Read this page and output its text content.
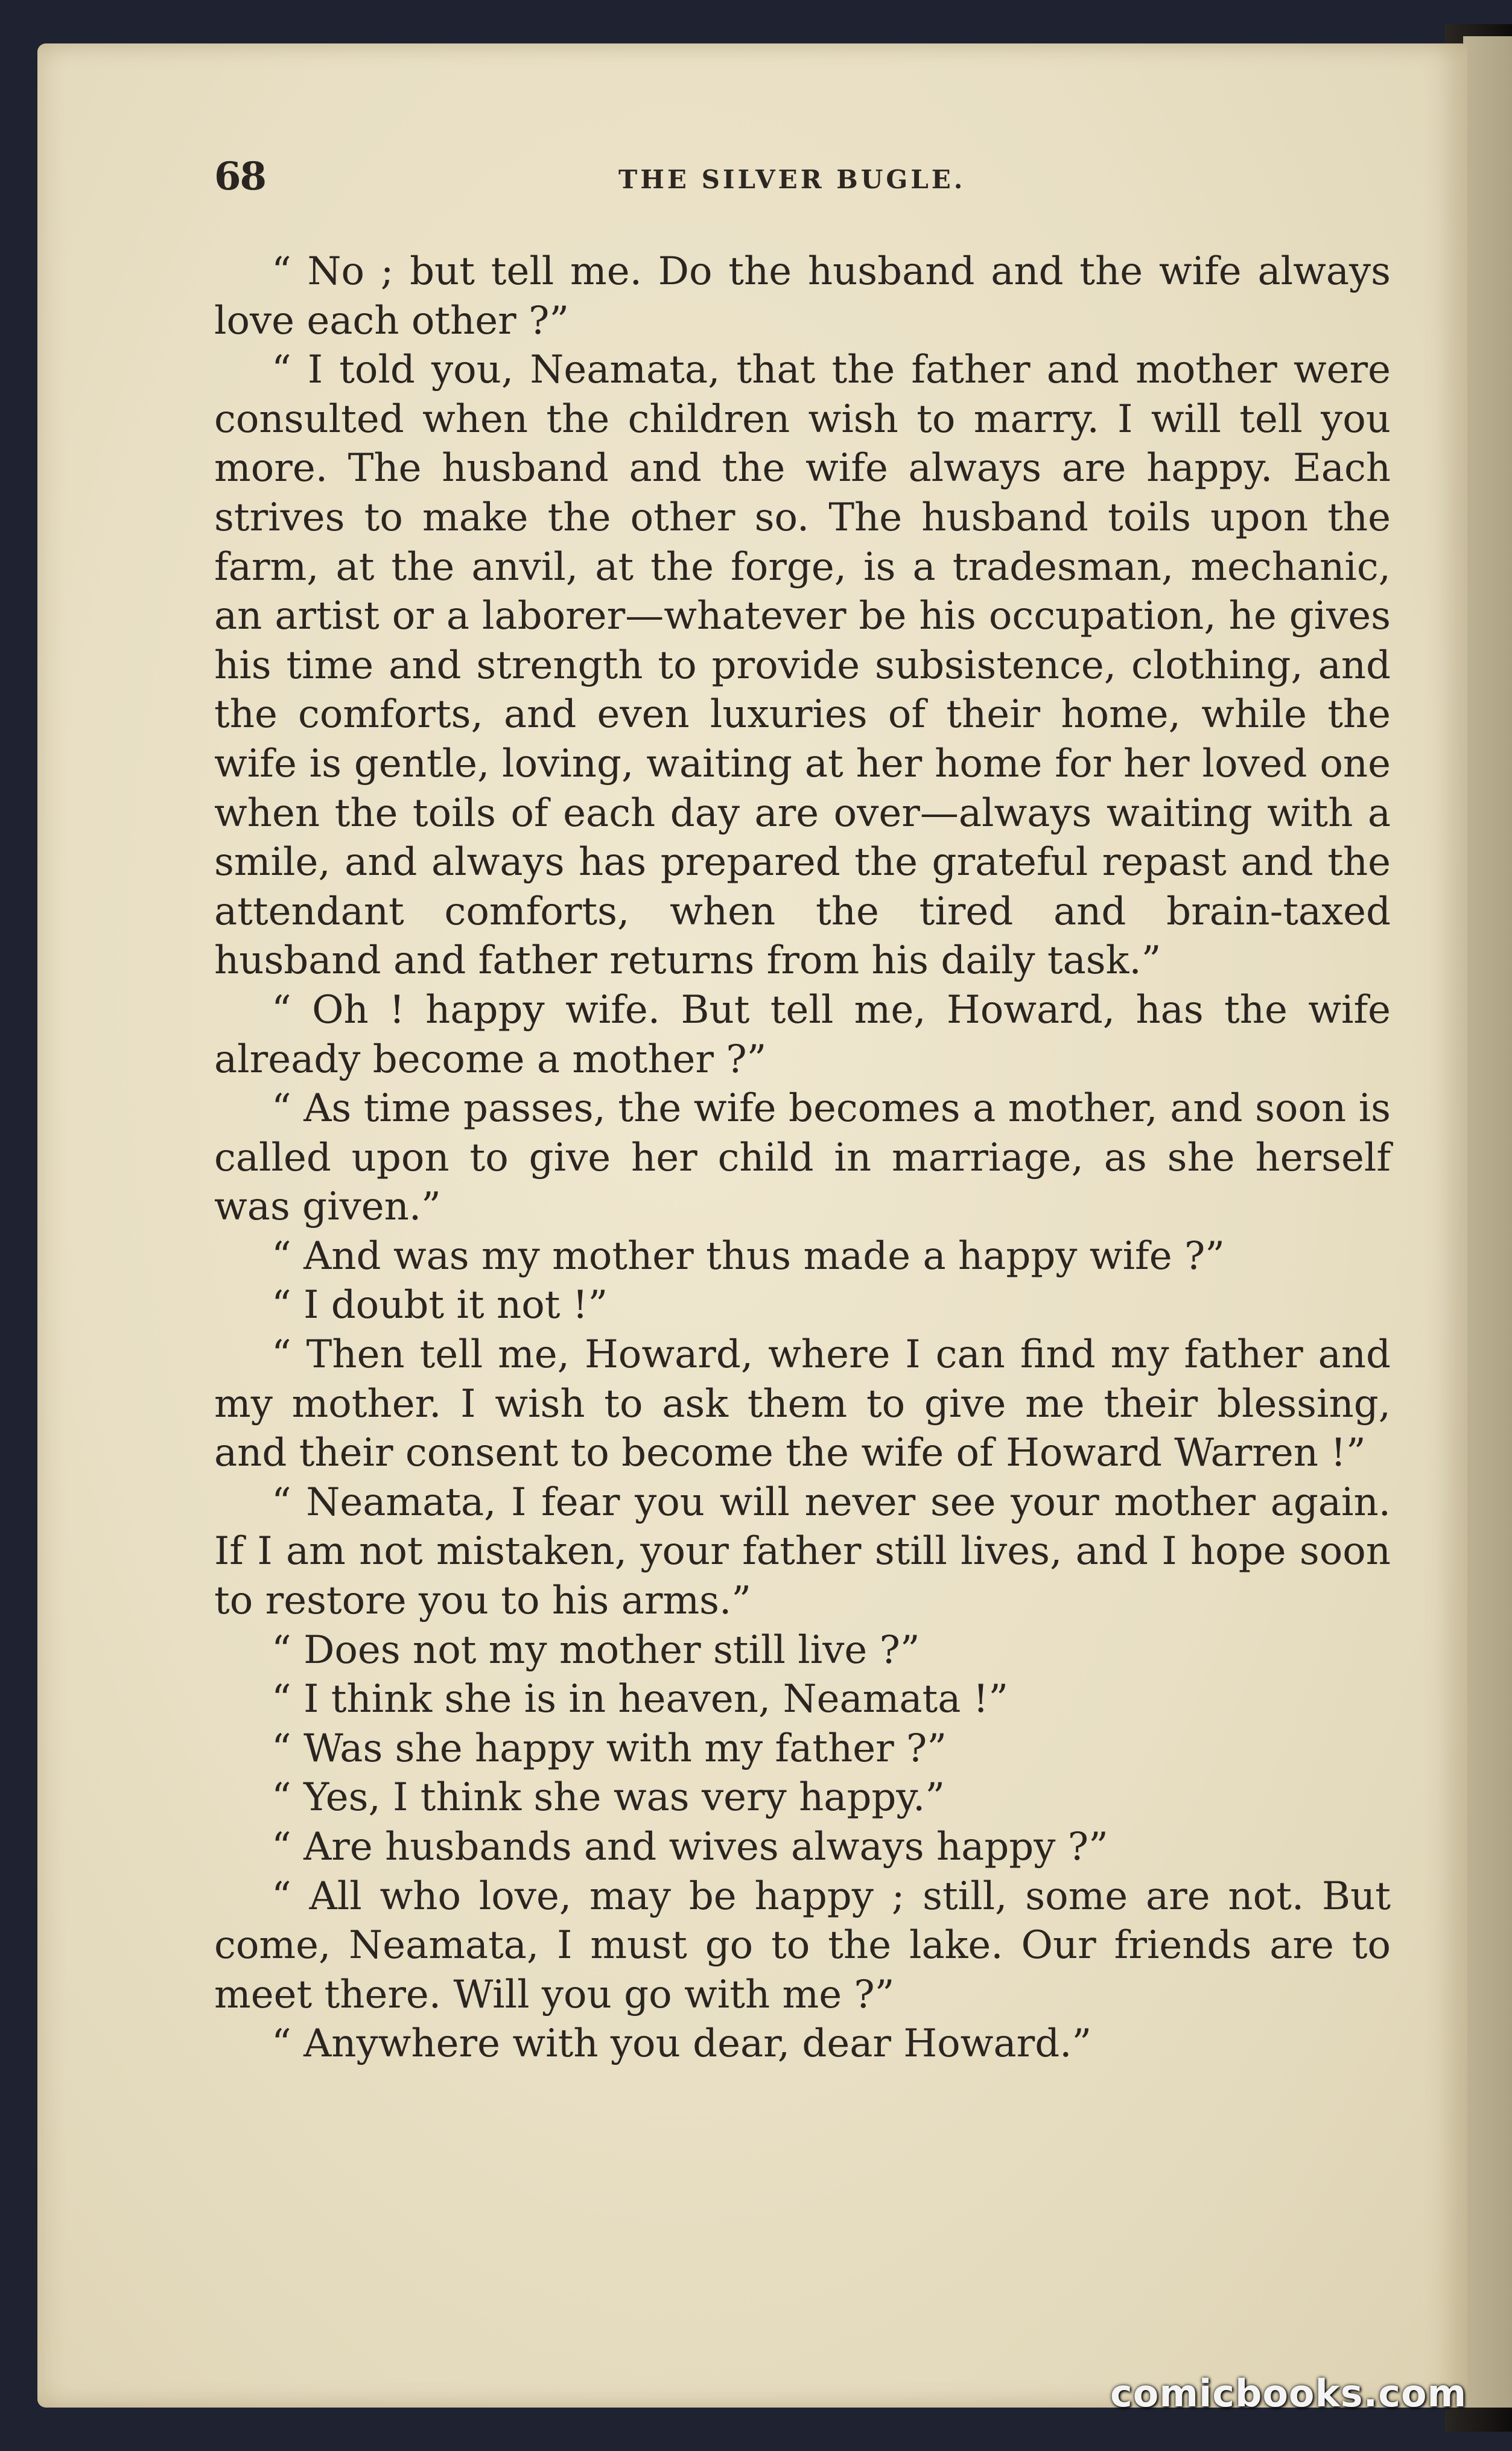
68	THE SILVER BUGLE.

“ No ; but tell me. Do the husband and the wife always love each other ?”

“ I told you, Neamata, that the father and mother were consulted when the children wish to marry. I will tell you more. The husband and the wife always are happy. Each strives to make the other so. The husband toils upon the farm, at the anvil, at the forge, is a tradesman, mechanic, an artist or a laborer—whatever be his occupation, he gives his time and strength to provide subsistence, clothing, and the comforts, and even luxuries of their home, while the wife is gentle, loving, waiting at her home for her loved one when the toils of each day are over—always waiting with a smile, and always has prepared the grateful repast and the attendant comforts, when the tired and brain-taxed husband and father returns from his daily task.”

“ Oh ! happy wife. But tell me, Howard, has the wife already become a mother ?”

“ As time passes, the wife becomes a mother, and soon is called upon to give her child in marriage, as she herself was given.”

“ And was my mother thus made a happy wife ?”

“ I doubt it not !”

“ Then tell me, Howard, where I can find my father and my mother. I wish to ask them to give me their blessing, and their consent to become the wife of Howard Warren !”

“ Neamata, I fear you will never see your mother again. If I am not mistaken, your father still lives, and I hope soon to restore you to his arms.”

“ Does not my mother still live ?”

“ I think she is in heaven, Neamata !”

“ Was she happy with my father ?”

“ Yes, I think she was very happy.”

“ Are husbands and wives always happy ?”

“ All who love, may be happy ; still, some are not. But come, Neamata, I must go to the lake. Our friends are to meet there. Will you go with me ?”

“ Anywhere with you dear, dear Howard.”

comicbooks.com
